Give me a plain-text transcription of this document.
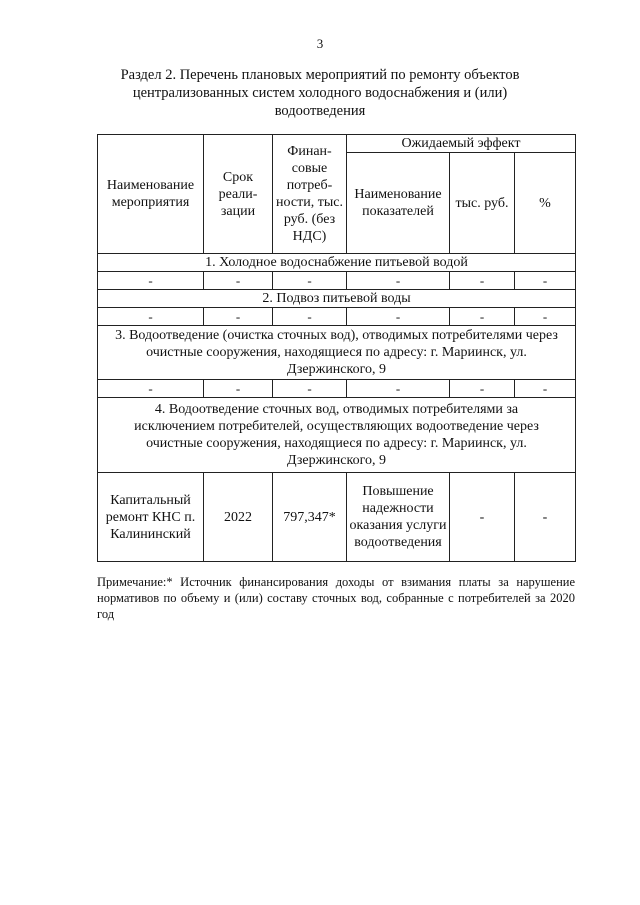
3
Раздел 2. Перечень плановых мероприятий по ремонту объектов
централизованных систем холодного водоснабжения и (или)
водоотведения
Наименование мероприятия	Срок реали-зации	Финан-совые потреб-ности, тыс. руб. (без НДС)	Ожидаемый эффект		
			Наименование показателей	тыс. руб.	%
1. Холодное водоснабжение питьевой водой					
-	-	-	-	-	-
2. Подвоз питьевой воды					
-	-	-	-	-	-
3. Водоотведение (очистка сточных вод), отводимых потребителями через очистные сооружения, находящиеся по адресу: г. Мариинск, ул. Дзержинского, 9					
-	-	-	-	-	-
4. Водоотведение сточных вод, отводимых потребителями за исключением потребителей, осуществляющих водоотведение через очистные сооружения, находящиеся по адресу: г. Мариинск, ул. Дзержинского, 9					
Капитальный ремонт КНС п. Калининский	2022	797,347*	Повышение надежности оказания услуги водоотведения	-	-
Примечание:* Источник финансирования доходы от взимания платы за нарушение нормативов по объему и (или) составу сточных вод, собранные с потребителей за 2020 год
